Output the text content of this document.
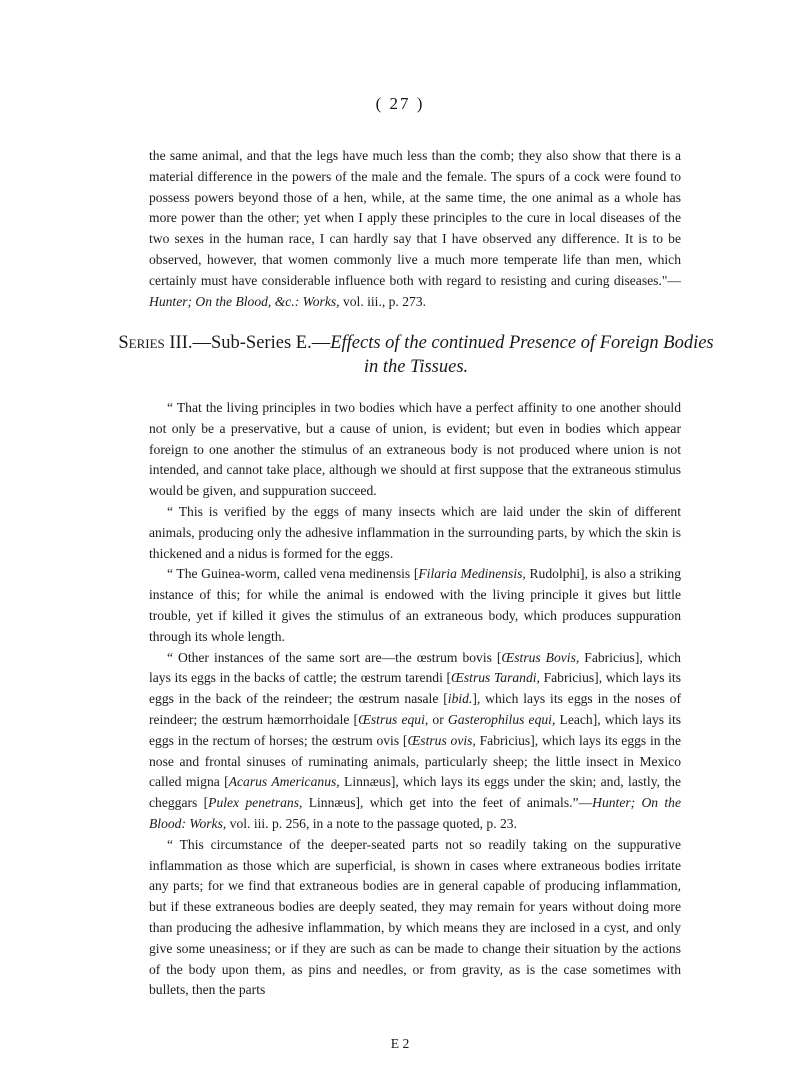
( 27 )

the same animal, and that the legs have much less than the comb; they also show that there is a material difference in the powers of the male and the female. The spurs of a cock were found to possess powers beyond those of a hen, while, at the same time, the one animal as a whole has more power than the other; yet when I apply these principles to the cure in local diseases of the two sexes in the human race, I can hardly say that I have observed any difference. It is to be observed, however, that women commonly live a much more temperate life than men, which certainly must have considerable influence both with regard to resisting and curing diseases."—Hunter; On the Blood, &c.: Works, vol. iii., p. 273.

Series III.—Sub-Series E.—Effects of the continued Presence of Foreign Bodies in the Tissues.

“ That the living principles in two bodies which have a perfect affinity to one another should not only be a preservative, but a cause of union, is evident; but even in bodies which appear foreign to one another the stimulus of an extraneous body is not produced where union is not intended, and cannot take place, although we should at first suppose that the extraneous stimulus would be given, and suppuration succeed.

“ This is verified by the eggs of many insects which are laid under the skin of different animals, producing only the adhesive inflammation in the surrounding parts, by which the skin is thickened and a nidus is formed for the eggs.

“ The Guinea-worm, called vena medinensis [Filaria Medinensis, Rudolphi], is also a striking instance of this; for while the animal is endowed with the living principle it gives but little trouble, yet if killed it gives the stimulus of an extraneous body, which produces suppuration through its whole length.

“ Other instances of the same sort are—the œstrum bovis [Œstrus Bovis, Fabricius], which lays its eggs in the backs of cattle; the œstrum tarendi [Œstrus Tarandi, Fabricius], which lays its eggs in the back of the reindeer; the œstrum nasale [ibid.], which lays its eggs in the noses of reindeer; the œstrum hæmorrhoidale [Œstrus equi, or Gasterophilus equi, Leach], which lays its eggs in the rectum of horses; the œstrum ovis [Œstrus ovis, Fabricius], which lays its eggs in the nose and frontal sinuses of ruminating animals, particularly sheep; the little insect in Mexico called migna [Acarus Americanus, Linnæus], which lays its eggs under the skin; and, lastly, the cheggars [Pulex penetrans, Linnæus], which get into the feet of animals.”—Hunter; On the Blood: Works, vol. iii. p. 256, in a note to the passage quoted, p. 23.

“ This circumstance of the deeper-seated parts not so readily taking on the suppurative inflammation as those which are superficial, is shown in cases where extraneous bodies irritate any parts; for we find that extraneous bodies are in general capable of producing inflammation, but if these extraneous bodies are deeply seated, they may remain for years without doing more than producing the adhesive inflammation, by which means they are inclosed in a cyst, and only give some uneasiness; or if they are such as can be made to change their situation by the actions of the body upon them, as pins and needles, or from gravity, as is the case sometimes with bullets, then the parts

E 2
